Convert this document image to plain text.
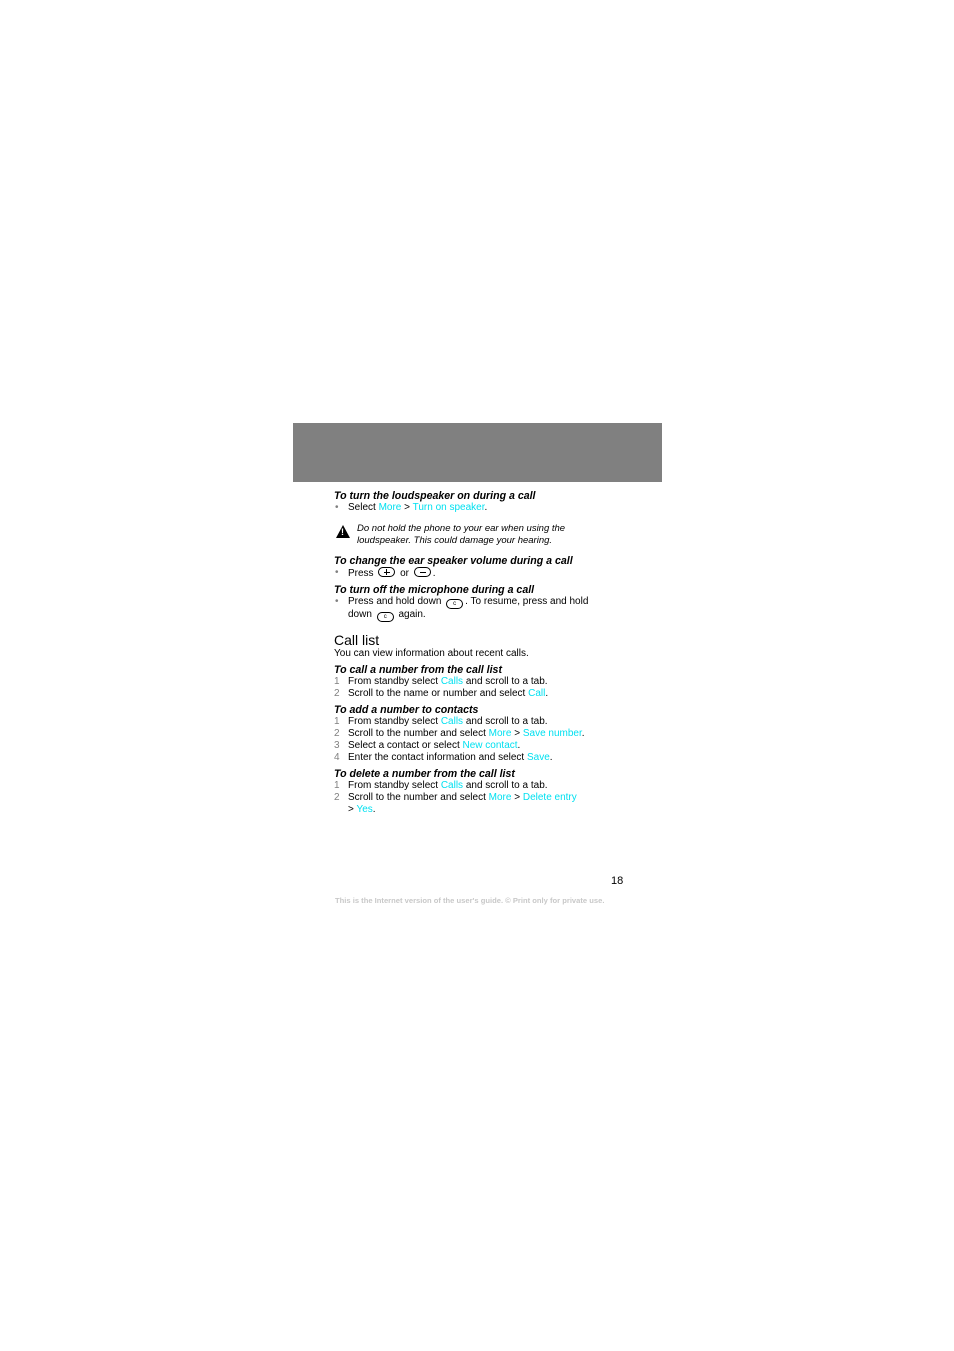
To turn the loudspeaker on during a call

• Select More > Turn on speaker.
!
Do not hold the phone to your ear when using the
loudspeaker. This could damage your hearing.

To change the ear speaker volume during a call

• Press  or .

To turn off the microphone during a call

• Press and hold down c . To resume, press and hold
down c again.

Call list

You can view information about recent calls.

To call a number from the call list

1 From standby select Calls and scroll to a tab.
2 Scroll to the name or number and select Call.

To add a number to contacts

1 From standby select Calls and scroll to a tab.
2 Scroll to the number and select More > Save number.
3 Select a contact or select New contact.
4 Enter the contact information and select Save.

To delete a number from the call list

1 From standby select Calls and scroll to a tab.
2 Scroll to the number and select More > Delete entry
> Yes.
18
This is the Internet version of the user's guide. © Print only for private use.
